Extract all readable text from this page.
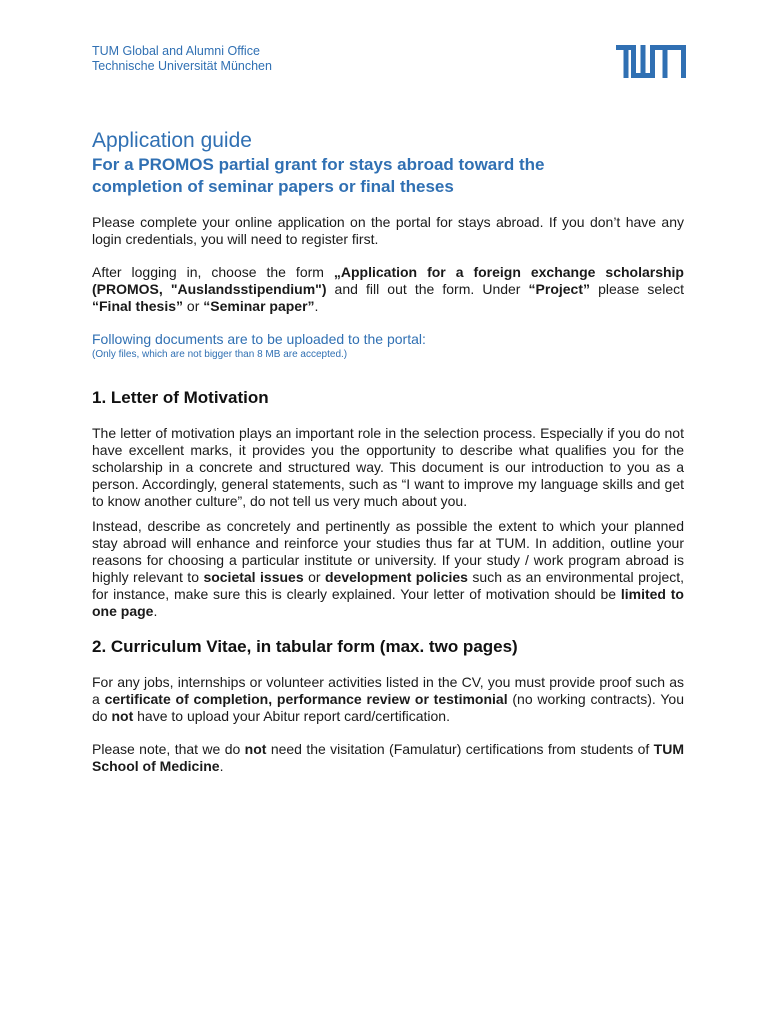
TUM Global and Alumni Office
Technische Universität München
Application guide
For a PROMOS partial grant for stays abroad toward the
completion of seminar papers or final theses

Please complete your online application on the portal for stays abroad. If you don’t have any login credentials, you will need to register first.

After logging in, choose the form „Application for a foreign exchange scholarship (PROMOS, "Auslandsstipendium") and fill out the form. Under “Project” please select “Final thesis” or “Seminar paper”.

Following documents are to be uploaded to the portal:
(Only files, which are not bigger than 8 MB are accepted.)
1. Letter of Motivation

The letter of motivation plays an important role in the selection process. Especially if you do not have excellent marks, it provides you the opportunity to describe what qualifies you for the scholarship in a concrete and structured way. This document is our introduction to you as a person. Accordingly, general statements, such as “I want to improve my language skills and get to know another culture”, do not tell us very much about you.

Instead, describe as concretely and pertinently as possible the extent to which your planned stay abroad will enhance and reinforce your studies thus far at TUM. In addition, outline your reasons for choosing a particular institute or university. If your study / work program abroad is highly relevant to societal issues or development policies such as an environmental project, for instance, make sure this is clearly explained. Your letter of motivation should be limited to one page.

2. Curriculum Vitae, in tabular form (max. two pages)

For any jobs, internships or volunteer activities listed in the CV, you must provide proof such as a certificate of completion, performance review or testimonial (no working contracts). You do not have to upload your Abitur report card/certification.

Please note, that we do not need the visitation (Famulatur) certifications from students of TUM School of Medicine.
